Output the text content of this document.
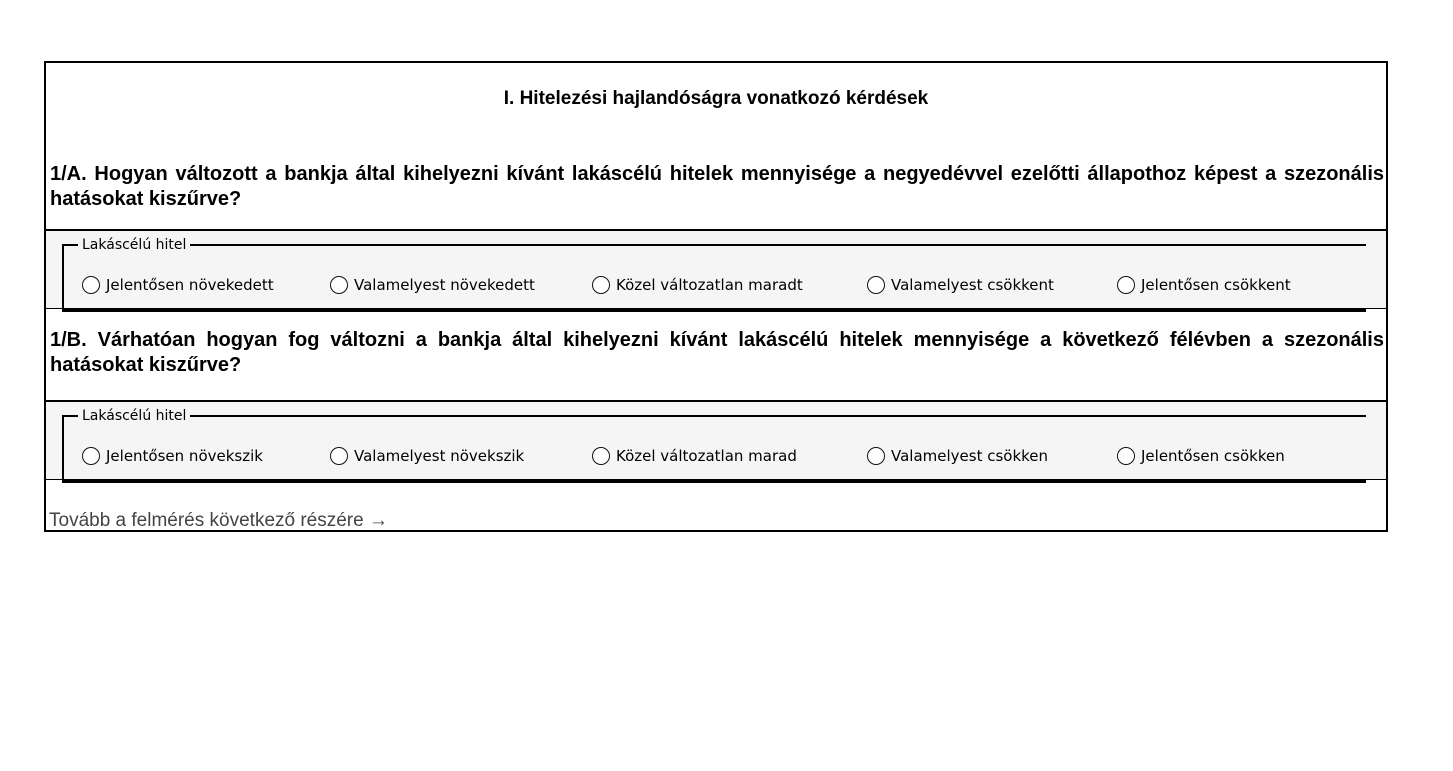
I. Hitelezési hajlandóságra vonatkozó kérdések
1/A. Hogyan változott a bankja által kihelyezni kívánt lakáscélú hitelek mennyisége a negyedévvel ezelőtti állapothoz képest a szezonális hatásokat kiszűrve?
Lakáscélú hitel
Jelentősen növekedett	Valamelyest növekedett	Közel változatlan maradt	Valamelyest csökkent	Jelentősen csökkent
1/B. Várhatóan hogyan fog változni a bankja által kihelyezni kívánt lakáscélú hitelek mennyisége a következő félévben a szezonális hatásokat kiszűrve?
Lakáscélú hitel
Jelentősen növekszik	Valamelyest növekszik	Közel változatlan marad	Valamelyest csökken	Jelentősen csökken
Tovább a felmérés következő részére →
